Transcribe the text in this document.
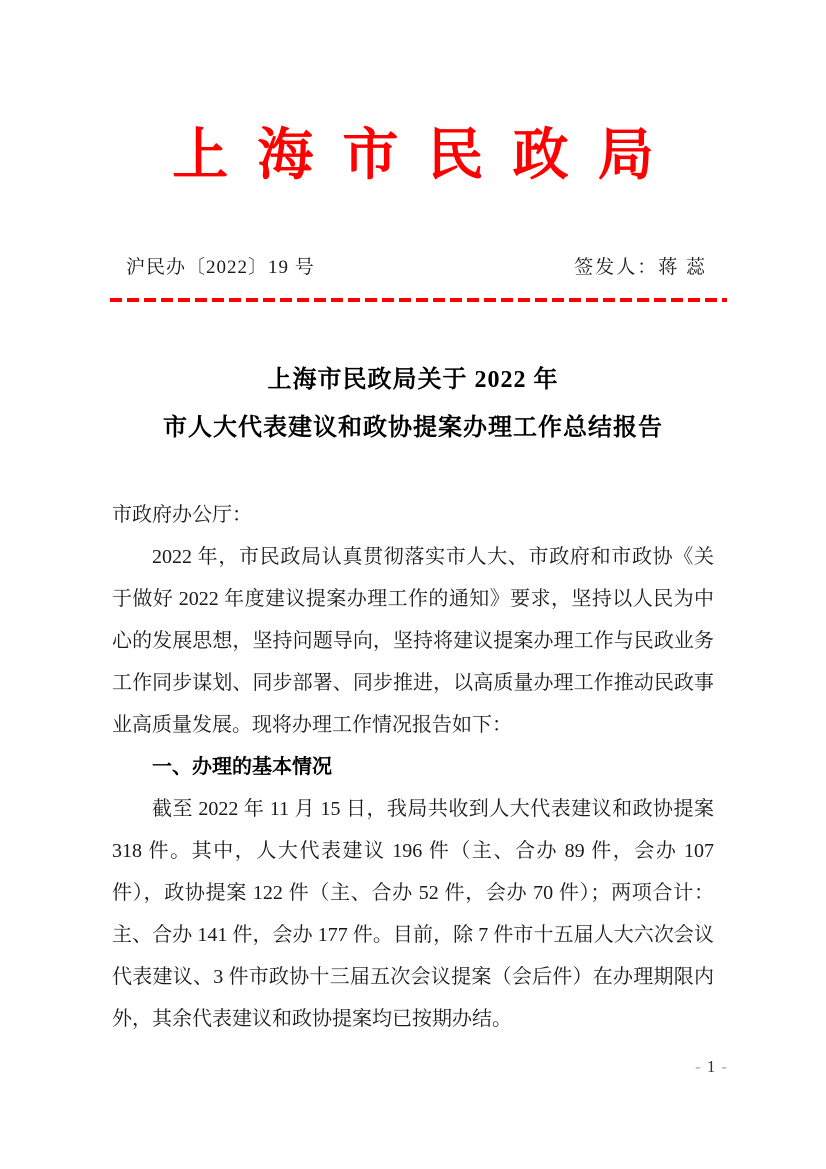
上海市民政局
沪民办〔2022〕19 号	签发人：蒋 蕊
上海市民政局关于 2022 年
市人大代表建议和政协提案办理工作总结报告

市政府办公厅：

2022 年，市民政局认真贯彻落实市人大、市政府和市政协《关于做好 2022 年度建议提案办理工作的通知》要求，坚持以人民为中心的发展思想，坚持问题导向，坚持将建议提案办理工作与民政业务工作同步谋划、同步部署、同步推进，以高质量办理工作推动民政事业高质量发展。现将办理工作情况报告如下：

一、办理的基本情况

截至 2022 年 11 月 15 日，我局共收到人大代表建议和政协提案 318 件。其中，人大代表建议 196 件（主、合办 89 件，会办 107 件），政协提案 122 件（主、合办 52 件，会办 70 件）；两项合计：主、合办 141 件，会办 177 件。目前，除 7 件市十五届人大六次会议代表建议、3 件市政协十三届五次会议提案（会后件）在办理期限内外，其余代表建议和政协提案均已按期办结。

- 1 -
